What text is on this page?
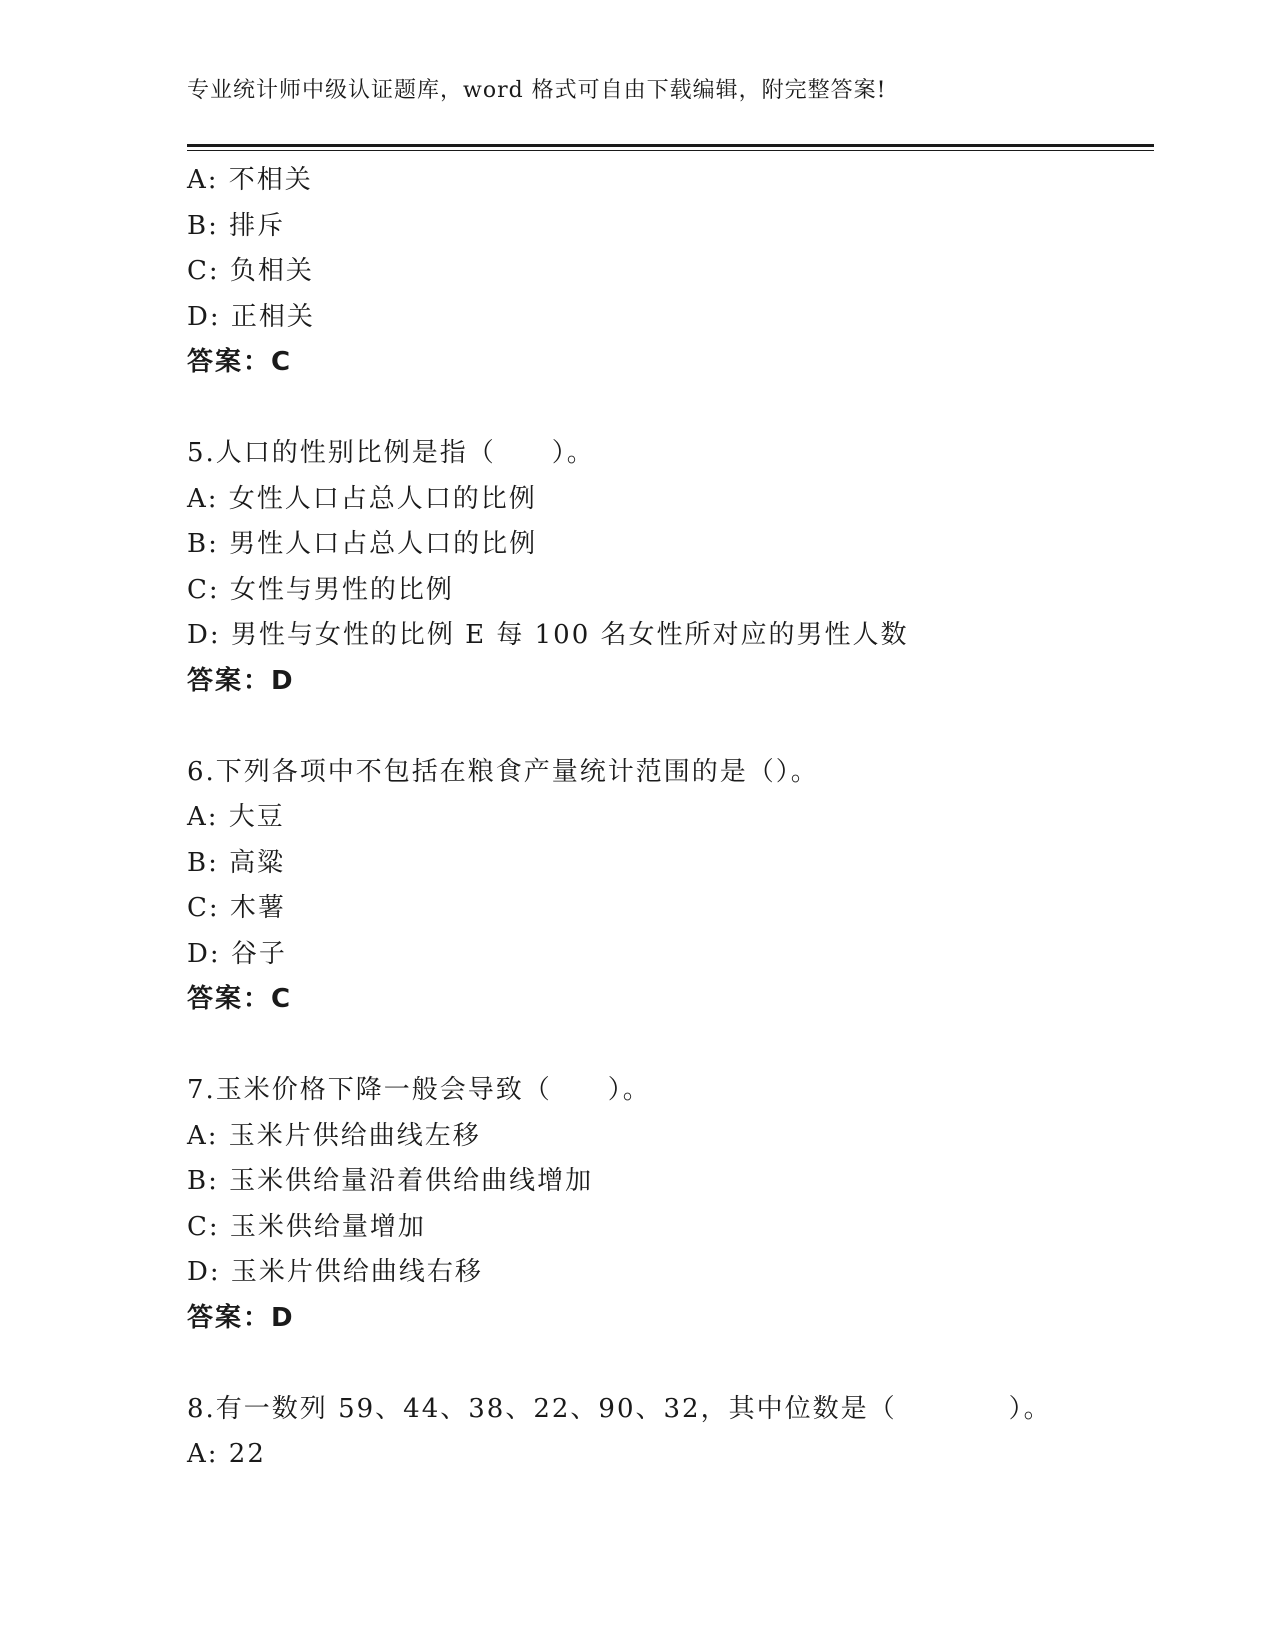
专业统计师中级认证题库，word 格式可自由下载编辑，附完整答案!
A: 不相关
B: 排斥
C: 负相关
D: 正相关
答案：C
5.人口的性别比例是指（　　）。
A: 女性人口占总人口的比例
B: 男性人口占总人口的比例
C: 女性与男性的比例
D: 男性与女性的比例 E 每 100 名女性所对应的男性人数
答案：D
6.下列各项中不包括在粮食产量统计范围的是（）。
A: 大豆
B: 高粱
C: 木薯
D: 谷子
答案：C
7.玉米价格下降一般会导致（　　）。
A: 玉米片供给曲线左移
B: 玉米供给量沿着供给曲线增加
C: 玉米供给量增加
D: 玉米片供给曲线右移
答案：D
8.有一数列 59、44、38、22、90、32，其中位数是（　　　　）。
A: 22
